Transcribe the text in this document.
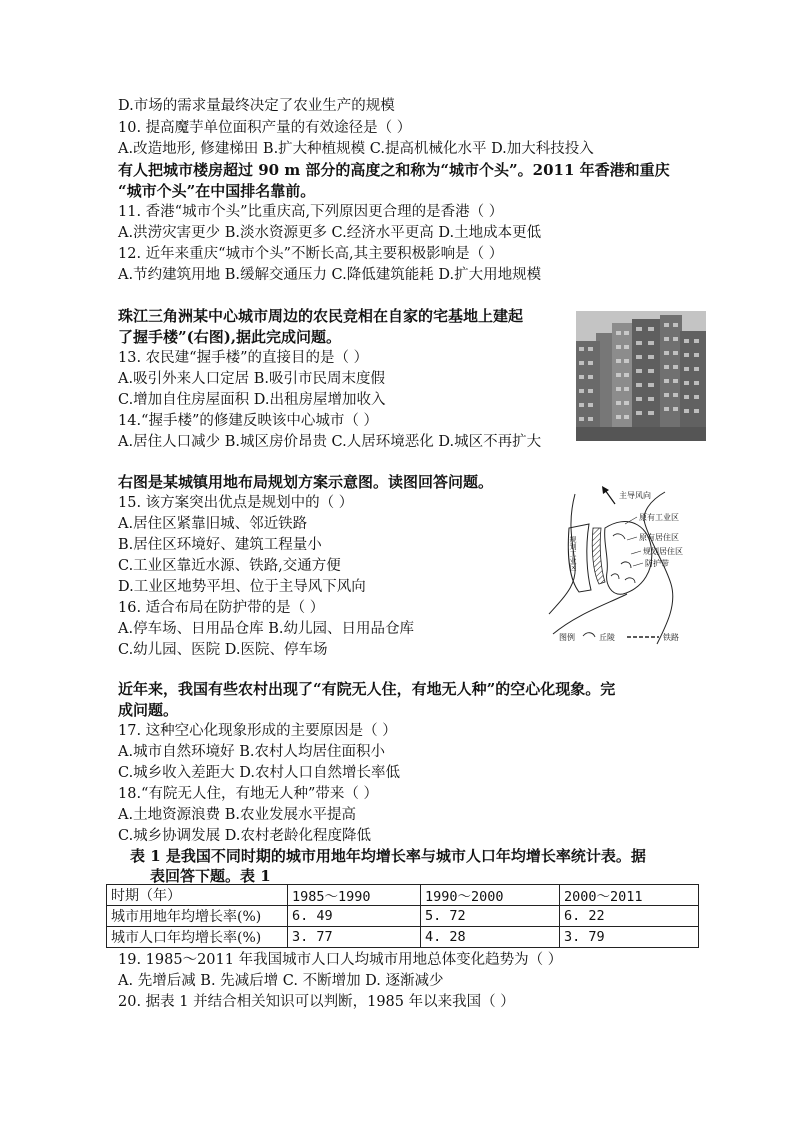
D.市场的需求量最终决定了农业生产的规模
10. 提高魔芋单位面积产量的有效途径是（ ）
A.改造地形, 修建梯田 B.扩大种植规模 C.提高机械化水平 D.加大科技投入
有人把城市楼房超过 90 m 部分的高度之和称为“城市个头”。2011 年香港和重庆
“城市个头”在中国排名靠前。
11. 香港“城市个头”比重庆高,下列原因更合理的是香港（ ）
A.洪涝灾害更少 B.淡水资源更多 C.经济水平更高 D.土地成本更低
12. 近年来重庆“城市个头”不断长高,其主要积极影响是（ ）
A.节约建筑用地 B.缓解交通压力 C.降低建筑能耗 D.扩大用地规模
珠江三角洲某中心城市周边的农民竞相在自家的宅基地上建起
了握手楼”(右图),据此完成问题。
13. 农民建“握手楼”的直接目的是（ ）
A.吸引外来人口定居 B.吸引市民周末度假
C.增加自住房屋面积 D.出租房屋增加收入
14.“握手楼”的修建反映该中心城市（ ）
A.居住人口减少 B.城区房价昂贵 C.人居环境恶化 D.城区不再扩大
右图是某城镇用地布局规划方案示意图。读图回答问题。
15. 该方案突出优点是规划中的（ ）
A.居住区紧靠旧城、邻近铁路
B.居住区环境好、建筑工程量小
C.工业区靠近水源、铁路,交通方便
D.工业区地势平坦、位于主导风下风向
16. 适合布局在防护带的是（ ）
A.停车场、日用品仓库 B.幼儿园、日用品仓库
C.幼儿园、医院 D.医院、停车场
主导风向
规划工业区
原有工业区
原有居住区
规划居住区
防护带
图例	丘陵	铁路
近年来，我国有些农村出现了“有院无人住，有地无人种”的空心化现象。完
成问题。
17. 这种空心化现象形成的主要原因是（ ）
A.城市自然环境好 B.农村人均居住面积小
C.城乡收入差距大 D.农村人口自然增长率低
18.“有院无人住，有地无人种”带来（ ）
A.土地资源浪费 B.农业发展水平提高
C.城乡协调发展 D.农村老龄化程度降低
表 1 是我国不同时期的城市用地年均增长率与城市人口年均增长率统计表。据
表回答下题。表 1
时期（年）	1985～1990	1990～2000	2000～2011
城市用地年均增长率(%)	6. 49	5. 72	6. 22
城市人口年均增长率(%)	3. 77	4. 28	3. 79
19. 1985～2011 年我国城市人口人均城市用地总体变化趋势为（ ）
A. 先增后减 B. 先减后增 C. 不断增加 D. 逐渐减少
20. 据表 1 并结合相关知识可以判断，1985 年以来我国（ ）
